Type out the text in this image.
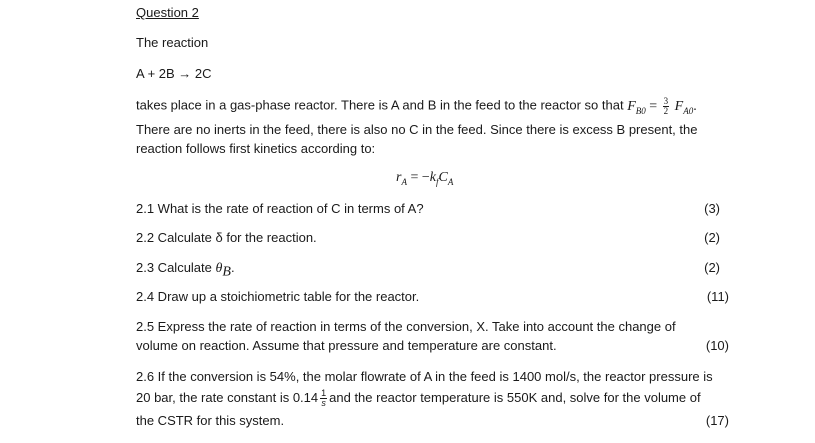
Question 2
The reaction
A + 2B → 2C
takes place in a gas-phase reactor. There is A and B in the feed to the reactor so that $F_{B0} = \frac{3}{2} F_{A0}$.
There are no inerts in the feed, there is also no C in the feed. Since there is excess B present, the
reaction follows first kinetics according to:
$r_A = -k_fC_A$
2.1 What is the rate of reaction of C in terms of A?	(3)
2.2 Calculate δ for the reaction.	(2)
2.3 Calculate $\theta_B$.	(2)
2.4 Draw up a stoichiometric table for the reactor.	(11)
2.5 Express the rate of reaction in terms of the conversion, X. Take into account the change of
volume on reaction. Assume that pressure and temperature are constant.	(10)
2.6 If the conversion is 54%, the molar flowrate of A in the feed is 1400 mol/s, the reactor pressure is
20 bar, the rate constant is $0.14 \frac{1}{s}$ and the reactor temperature is 550K and, solve for the volume of
the CSTR for this system.	(17)
